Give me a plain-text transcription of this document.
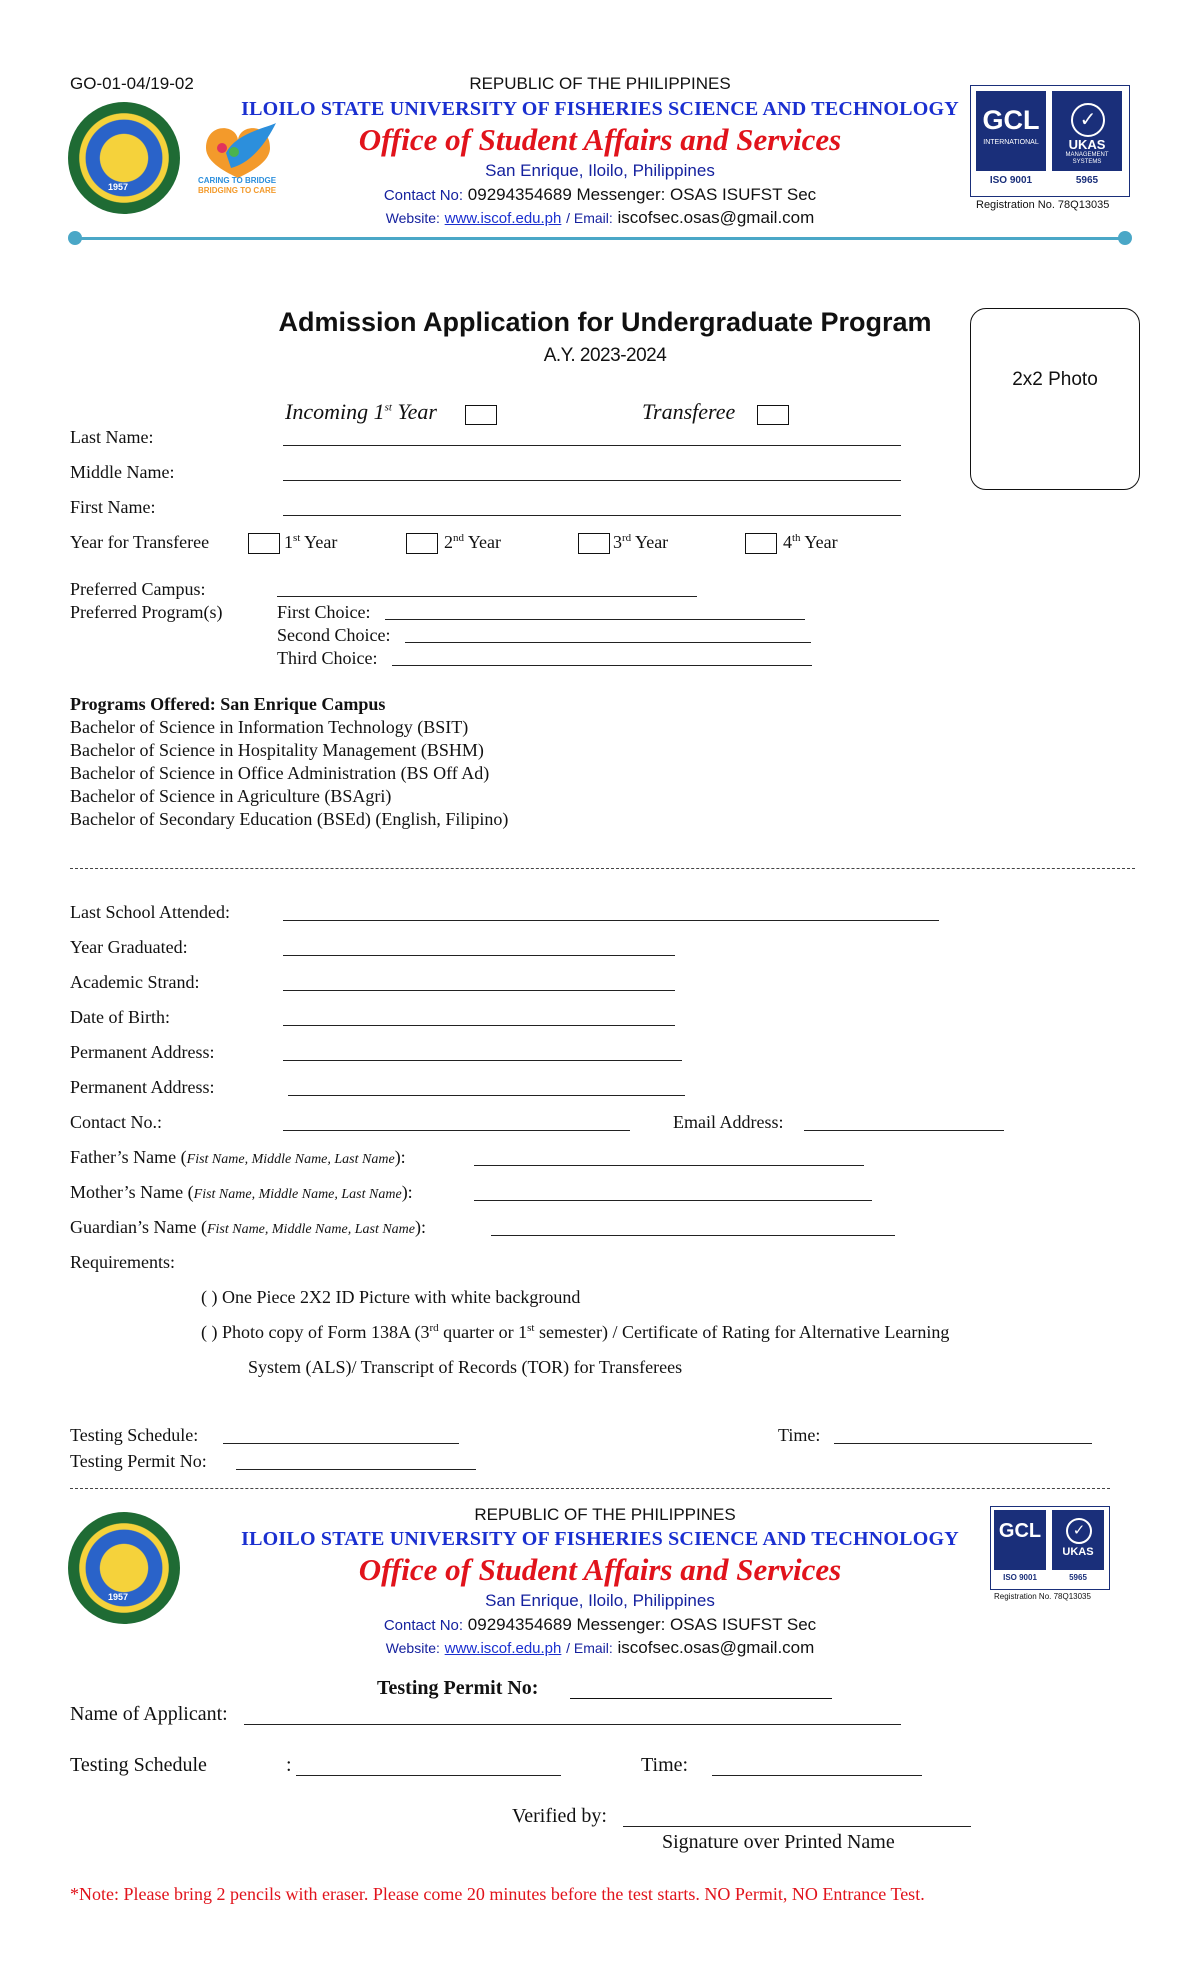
GO-01-04/19-02	REPUBLIC OF THE PHILIPPINES
ILOILO STATE UNIVERSITY OF FISHERIES SCIENCE AND TECHNOLOGY
Office of Student Affairs and Services
San Enrique, Iloilo, Philippines
Contact No: 09294354689 Messenger: OSAS ISUFST Sec
Website: www.iscof.edu.ph / Email: iscofsec.osas@gmail.com
1957
CARING TO BRIDGE
BRIDGING TO CARE
GCL
INTERNATIONAL
✓
UKAS
MANAGEMENT SYSTEMS
ISO 9001	5965
Registration No. 78Q13035
Admission Application for Undergraduate Program
A.Y. 2023-2024
2x2 Photo
Incoming 1st Year	Transferee
Last Name:
Middle Name:
First Name:
Year for Transferee	1st Year	2nd Year	3rd Year	4th Year
Preferred Campus:
Preferred Program(s)	First Choice:
Second Choice:
Third Choice:
Programs Offered: San Enrique Campus
Bachelor of Science in Information Technology (BSIT)
Bachelor of Science in Hospitality Management (BSHM)
Bachelor of Science in Office Administration (BS Off Ad)
Bachelor of Science in Agriculture (BSAgri)
Bachelor of Secondary Education (BSEd) (English, Filipino)
Last School Attended:
Year Graduated:
Academic Strand:
Date of Birth:
Permanent Address:
Permanent Address:
Contact No.:	Email Address:
Father’s Name (Fist Name, Middle Name, Last Name):
Mother’s Name (Fist Name, Middle Name, Last Name):
Guardian’s Name (Fist Name, Middle Name, Last Name):
Requirements:
( ) One Piece 2X2 ID Picture with white background
( ) Photo copy of Form 138A (3rd quarter or 1st semester) / Certificate of Rating for Alternative Learning
System (ALS)/ Transcript of Records (TOR) for Transferees
Testing Schedule:	Time:
Testing Permit No:
REPUBLIC OF THE PHILIPPINES
ILOILO STATE UNIVERSITY OF FISHERIES SCIENCE AND TECHNOLOGY
Office of Student Affairs and Services
San Enrique, Iloilo, Philippines
Contact No: 09294354689 Messenger: OSAS ISUFST Sec
Website: www.iscof.edu.ph / Email: iscofsec.osas@gmail.com
1957
GCL	✓
UKAS
ISO 9001	5965
Registration No. 78Q13035
Testing Permit No:
Name of Applicant:
Testing Schedule	:	Time:
Verified by:
Signature over Printed Name
*Note: Please bring 2 pencils with eraser. Please come 20 minutes before the test starts. NO Permit, NO Entrance Test.
